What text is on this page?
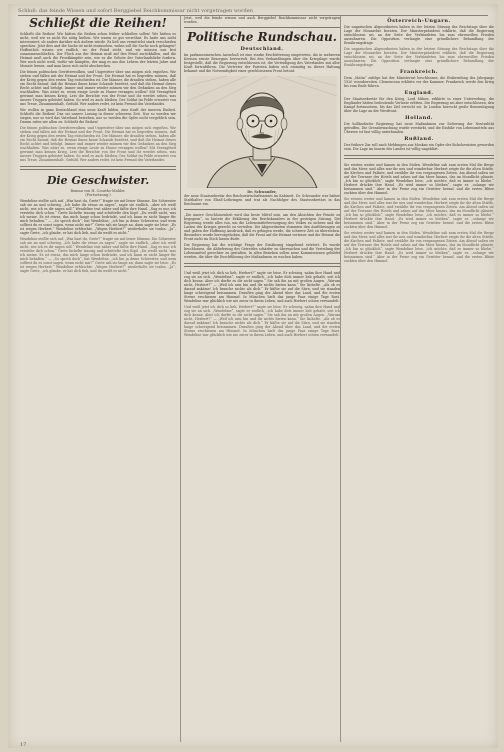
Schluß: das feinde Wissen und sofort Berggiebel Reichkommissar nicht vorgetragen worden
Schließt die Reihen!
Schließt die Reihen! Wir hätten die Reihen schon früher schließen sollen! Wir hätten es nicht, weil wir es nicht für nötig hielten. Wir waren so gut verwöhnt. Es hatte uns nicht interessiert, ob anders darüber sich äußern würde. Es ließ uns vermittelst stark verschieden sprechen. Jetzt dies und die Sache ist nicht einzusehen, wohin soll die Sache noch gelangen? Hoffentlich wissen wir endlich, wo der Feind steht, und wir müssen uns fest zusammenschließen. Der Fluch aus der Heimat muß auf den Feind zurückfallen, und die Heimat muß auch die Frontkämpfer sein, wie es die Gebote der Vaterlandsliebe fordern. Wer noch nicht weiß, wofür wir kämpfen, der mag es aus den Lehren der letzten Jahre und Monate lernen, und man lasse sich nicht abschrecken.
Die feinen politischen Gewitterwolken, und Ungewitter über uns mögen sich ergießen. Wir stehen und fallen mit der Heimat und der Front. Die Heimat hat es begreifen müssen, daß der Krieg gegen den ersten Tag entschieden ist. Die Männer, die draußen stehen, haben alle ein Recht darauf, daß die Heimat ihnen keine Schande bereitet, und daß die Heimat dieses Recht achtet und befolgt. Immer und immer wieder müssen wir den Gedanken an den Sieg wachhalten. Was nützt es, wenn einige Leute zu Hause verzagen wollen? Mit Verzagtheit gewinnt man keinen Krieg. Lest die Berichte von der Front und ihr werdet sehen, was unsere Truppen geleistet haben. So wird es auch bleiben. Der Soldat im Felde erwartet von uns Treue, Zusammenhalt, Geduld. Wer anders redet, ist kein Freund des Vaterlandes.
Wir wollen in ganz Deutschland eine neue Kraft bilden, eine Kraft der inneren Einheit. Schließt die Reihen! Das sei unsere Losung in dieser schweren Zeit. Nur so werden wir siegen, nur so wird das Vaterland bestehen, nur so werden die Opfer nicht vergeblich sein. Darum rufen wir allen zu: Schließt die Reihen!
Die feinen politischen Gewitterwolken, und Ungewitter über uns mögen sich ergießen. Wir stehen und fallen mit der Heimat und der Front. Die Heimat hat es begreifen müssen, daß der Krieg gegen den ersten Tag entschieden ist. Die Männer, die draußen stehen, haben alle ein Recht darauf, daß die Heimat ihnen keine Schande bereitet, und daß die Heimat dieses Recht achtet und befolgt. Immer und immer wieder müssen wir den Gedanken an den Sieg wachhalten. Was nützt es, wenn einige Leute zu Hause verzagen wollen? Mit Verzagtheit gewinnt man keinen Krieg. Lest die Berichte von der Front und ihr werdet sehen, was unsere Truppen geleistet haben. So wird es auch bleiben. Der Soldat im Felde erwartet von uns Treue, Zusammenhalt, Geduld. Wer anders redet, ist kein Freund des Vaterlandes.
Die Geschwister.
Roman von H. Courths-Mahler.
(Fortsetzung.)
Wendeline stellte sich auf. „Was hast du, Grete?“ fragte sie mit leiser Stimme. Die Schwester sah sie an und schwieg. „Ich habe dir etwas zu sagen“, sagte sie endlich, „aber ich weiß nicht, wie ich es dir sagen soll.“ Wendeline trat näher und faßte ihre Hand. „Sag es nur, ich verstehe dich schon.“ Grete lächelte traurig und schüttelte den Kopf. „Du weißt nicht, was ich meine. Es ist etwas, das mich lange schon bedrückt, und ich kann es nicht länger für mich behalten.“ — „So sprich doch“, bat Wendeline, „ich bin ja deine Schwester, und wem solltest du es sonst sagen, wenn nicht mir?“ Grete sah sie lange an, dann sagte sie leise: „Es ist wegen Herbert.“ Wendeline erbleichte. „Wegen Herbert?“ wiederholte sie tonlos. „Ja“, sagte Grete, „ich glaube, er hat dich lieb, und du weißt es nicht.“
Wendeline stellte sich auf. „Was hast du, Grete?“ fragte sie mit leiser Stimme. Die Schwester sah sie an und schwieg. „Ich habe dir etwas zu sagen“, sagte sie endlich, „aber ich weiß nicht, wie ich es dir sagen soll.“ Wendeline trat näher und faßte ihre Hand. „Sag es nur, ich verstehe dich schon.“ Grete lächelte traurig und schüttelte den Kopf. „Du weißt nicht, was ich meine. Es ist etwas, das mich lange schon bedrückt, und ich kann es nicht länger für mich behalten.“ — „So sprich doch“, bat Wendeline, „ich bin ja deine Schwester, und wem solltest du es sonst sagen, wenn nicht mir?“ Grete sah sie lange an, dann sagte sie leise: „Es ist wegen Herbert.“ Wendeline erbleichte. „Wegen Herbert?“ wiederholte sie tonlos. „Ja“, sagte Grete, „ich glaube, er hat dich lieb, und du weißt es nicht.“
Jetzt, weil die feinde wissen und auch Berggiebel Reichkommissar nicht vorgetragen worden.
Politische Rundschau.
Deutschland.
Im parlamentarischen Ausschuß ist eine starke Erschütterung eingetreten, die in mehreren Kreisen ernste Besorgnis hervorruft. Bei den Verhandlungen über die Kriegslage wurde festgestellt, daß die Regierung entschlossen ist, die Verteidigung des Vaterlandes mit aller Kraft fortzuführen. Die Vertreter der Parteien haben sich einmütig zu dieser Haltung bekannt und die Notwendigkeit einer geschlossenen Front betont.
Dr. Schwander,
der neue Staatssekretär des Reichswirtschaftsamtes im Kabinett. Dr. Schwander war bisher Statthalter von Elsaß-Lothringen und trat als Nachfolger des Staatssekretärs in das Reichsamt ein.
„Die innere Geschlossenheit wird das beste Mittel sein, um den Absichten der Feinde zu begegnen“, so lautete die Erklärung des Reichskanzlers in der gestrigen Sitzung. Die Regierung werde alles tun, um die Lebensmittelversorgung des Volkes zu sichern und die Lasten des Krieges gerecht zu verteilen. Die Abgeordneten stimmten den Ausführungen zu und gaben der Hoffnung Ausdruck, daß es gelingen werde, die schwere Zeit zu überstehen. Besonders wurde hervorgehoben, daß die Front auf die Heimat vertraue und die Heimat die Front nicht im Stich lassen dürfe.
Die Regierung hat die wichtige Frage der Ernährung eingehend erörtert. Es wurde beschlossen, die Ablieferung des Getreides schärfer zu überwachen und die Verteilung der Lebensmittel gerechter zu gestalten. In allen Bezirken sollen neue Kommissionen gebildet werden, die über die Durchführung der Maßnahmen zu wachen haben.
Und weiß jetzt ich dich so lieb, Herbert?“ sagte sie leise. Er schwieg, nahm ihre Hand und zog sie an sich. „Wendeline“, sagte er endlich, „ich habe dich immer lieb gehabt, seit ich dich kenne. Aber ich durfte es dir nicht sagen.“ Sie sah ihn an mit großen Augen. „Warum nicht, Herbert?“ — „Weil ich arm bin und dir nichts bieten kann.“ Sie lächelte. „Als ob es darauf ankäme! Ich brauche nichts als dich.“ Er küßte sie auf die Stirn, und sie standen lange schweigend beisammen. Draußen ging der Abend über das Land, und die ersten Sterne erschienen am Himmel. In München hielt das junge Paar einige Tage Rast. Wendeline war glücklich wie nie zuvor in ihrem Leben, und auch Herbert schien verwandelt.
Und weiß jetzt ich dich so lieb, Herbert?“ sagte sie leise. Er schwieg, nahm ihre Hand und zog sie an sich. „Wendeline“, sagte er endlich, „ich habe dich immer lieb gehabt, seit ich dich kenne. Aber ich durfte es dir nicht sagen.“ Sie sah ihn an mit großen Augen. „Warum nicht, Herbert?“ — „Weil ich arm bin und dir nichts bieten kann.“ Sie lächelte. „Als ob es darauf ankäme! Ich brauche nichts als dich.“ Er küßte sie auf die Stirn, und sie standen lange schweigend beisammen. Draußen ging der Abend über das Land, und die ersten Sterne erschienen am Himmel. In München hielt das junge Paar einige Tage Rast. Wendeline war glücklich wie nie zuvor in ihrem Leben, und auch Herbert schien verwandelt.
Österreich-Ungarn.
Die ungarischen Abgeordneten haben in der letzten Sitzung des Reichstags über die Lage der Monarchie beraten. Der Ministerpräsident erklärte, daß die Regierung entschlossen sei, an der Seite der Verbündeten bis zum ehrenvollen Frieden auszuharren. Die Opposition verlangte eine gründlichere Behandlung der Ernährungsfrage.
Die ungarischen Abgeordneten haben in der letzten Sitzung des Reichstags über die Lage der Monarchie beraten. Der Ministerpräsident erklärte, daß die Regierung entschlossen sei, an der Seite der Verbündeten bis zum ehrenvollen Frieden auszuharren. Die Opposition verlangte eine gründlichere Behandlung der Ernährungsfrage.
Frankreich.
Dem „Matin“ zufolge hat der Ministerrat beschlossen, die Einberufung des Jahrgangs 1920 vorzubereiten. Clemenceau erklärte vor der Kammer, Frankreich werde den Krieg bis zum Ende führen.
England.
Der Staatssekretär für den Krieg, Lord Milner, erklärte in einer Unterredung, die Engländer hätten bedeutende Verluste erlitten. Die Regierung sei aber entschlossen, den Kampf fortzusetzen, bis das Ziel erreicht sei. In London herrscht große Beunruhigung über die Lage an der Westfront.
Holland.
Die holländische Regierung hat neue Maßnahmen zur Sicherung der Neutralität getroffen. Die Grenzbewachung wurde verstärkt, und die Einfuhr von Lebensmitteln aus Übersee ist fast völlig unterbunden.
Rußland.
Der frühere Zar soll nach Meldungen aus Moskau ein Opfer der Bolschewisten geworden sein. Die Lage im Innern des Landes ist völlig ungeklärt.
Sie reisten weiter und kamen in den Süden. Wendeline sah zum ersten Mal die Berge und das Meer, und alles war ihr neu und wunderbar. Herbert zeigte ihr die alten Städte, die Kirchen und Paläste, und erzählte ihr von vergangenen Zeiten. Am Abend saßen sie auf der Terrasse des Hotels und sahen auf das Meer hinaus, das im Mondlicht glänzte. „Ich bin so glücklich“, sagte Wendeline leise, „ich möchte, daß es immer so bliebe.“ Herbert drückte ihre Hand. „Es wird immer so bleiben“, sagte er, „solange wir beisammen sind.“ Aber in der Ferne zog ein Gewitter herauf, und die ersten Blitze zuckten über den Himmel.
Sie reisten weiter und kamen in den Süden. Wendeline sah zum ersten Mal die Berge und das Meer, und alles war ihr neu und wunderbar. Herbert zeigte ihr die alten Städte, die Kirchen und Paläste, und erzählte ihr von vergangenen Zeiten. Am Abend saßen sie auf der Terrasse des Hotels und sahen auf das Meer hinaus, das im Mondlicht glänzte. „Ich bin so glücklich“, sagte Wendeline leise, „ich möchte, daß es immer so bliebe.“ Herbert drückte ihre Hand. „Es wird immer so bleiben“, sagte er, „solange wir beisammen sind.“ Aber in der Ferne zog ein Gewitter herauf, und die ersten Blitze zuckten über den Himmel.
Sie reisten weiter und kamen in den Süden. Wendeline sah zum ersten Mal die Berge und das Meer, und alles war ihr neu und wunderbar. Herbert zeigte ihr die alten Städte, die Kirchen und Paläste, und erzählte ihr von vergangenen Zeiten. Am Abend saßen sie auf der Terrasse des Hotels und sahen auf das Meer hinaus, das im Mondlicht glänzte. „Ich bin so glücklich“, sagte Wendeline leise, „ich möchte, daß es immer so bliebe.“ Herbert drückte ihre Hand. „Es wird immer so bleiben“, sagte er, „solange wir beisammen sind.“ Aber in der Ferne zog ein Gewitter herauf, und die ersten Blitze zuckten über den Himmel.
17
